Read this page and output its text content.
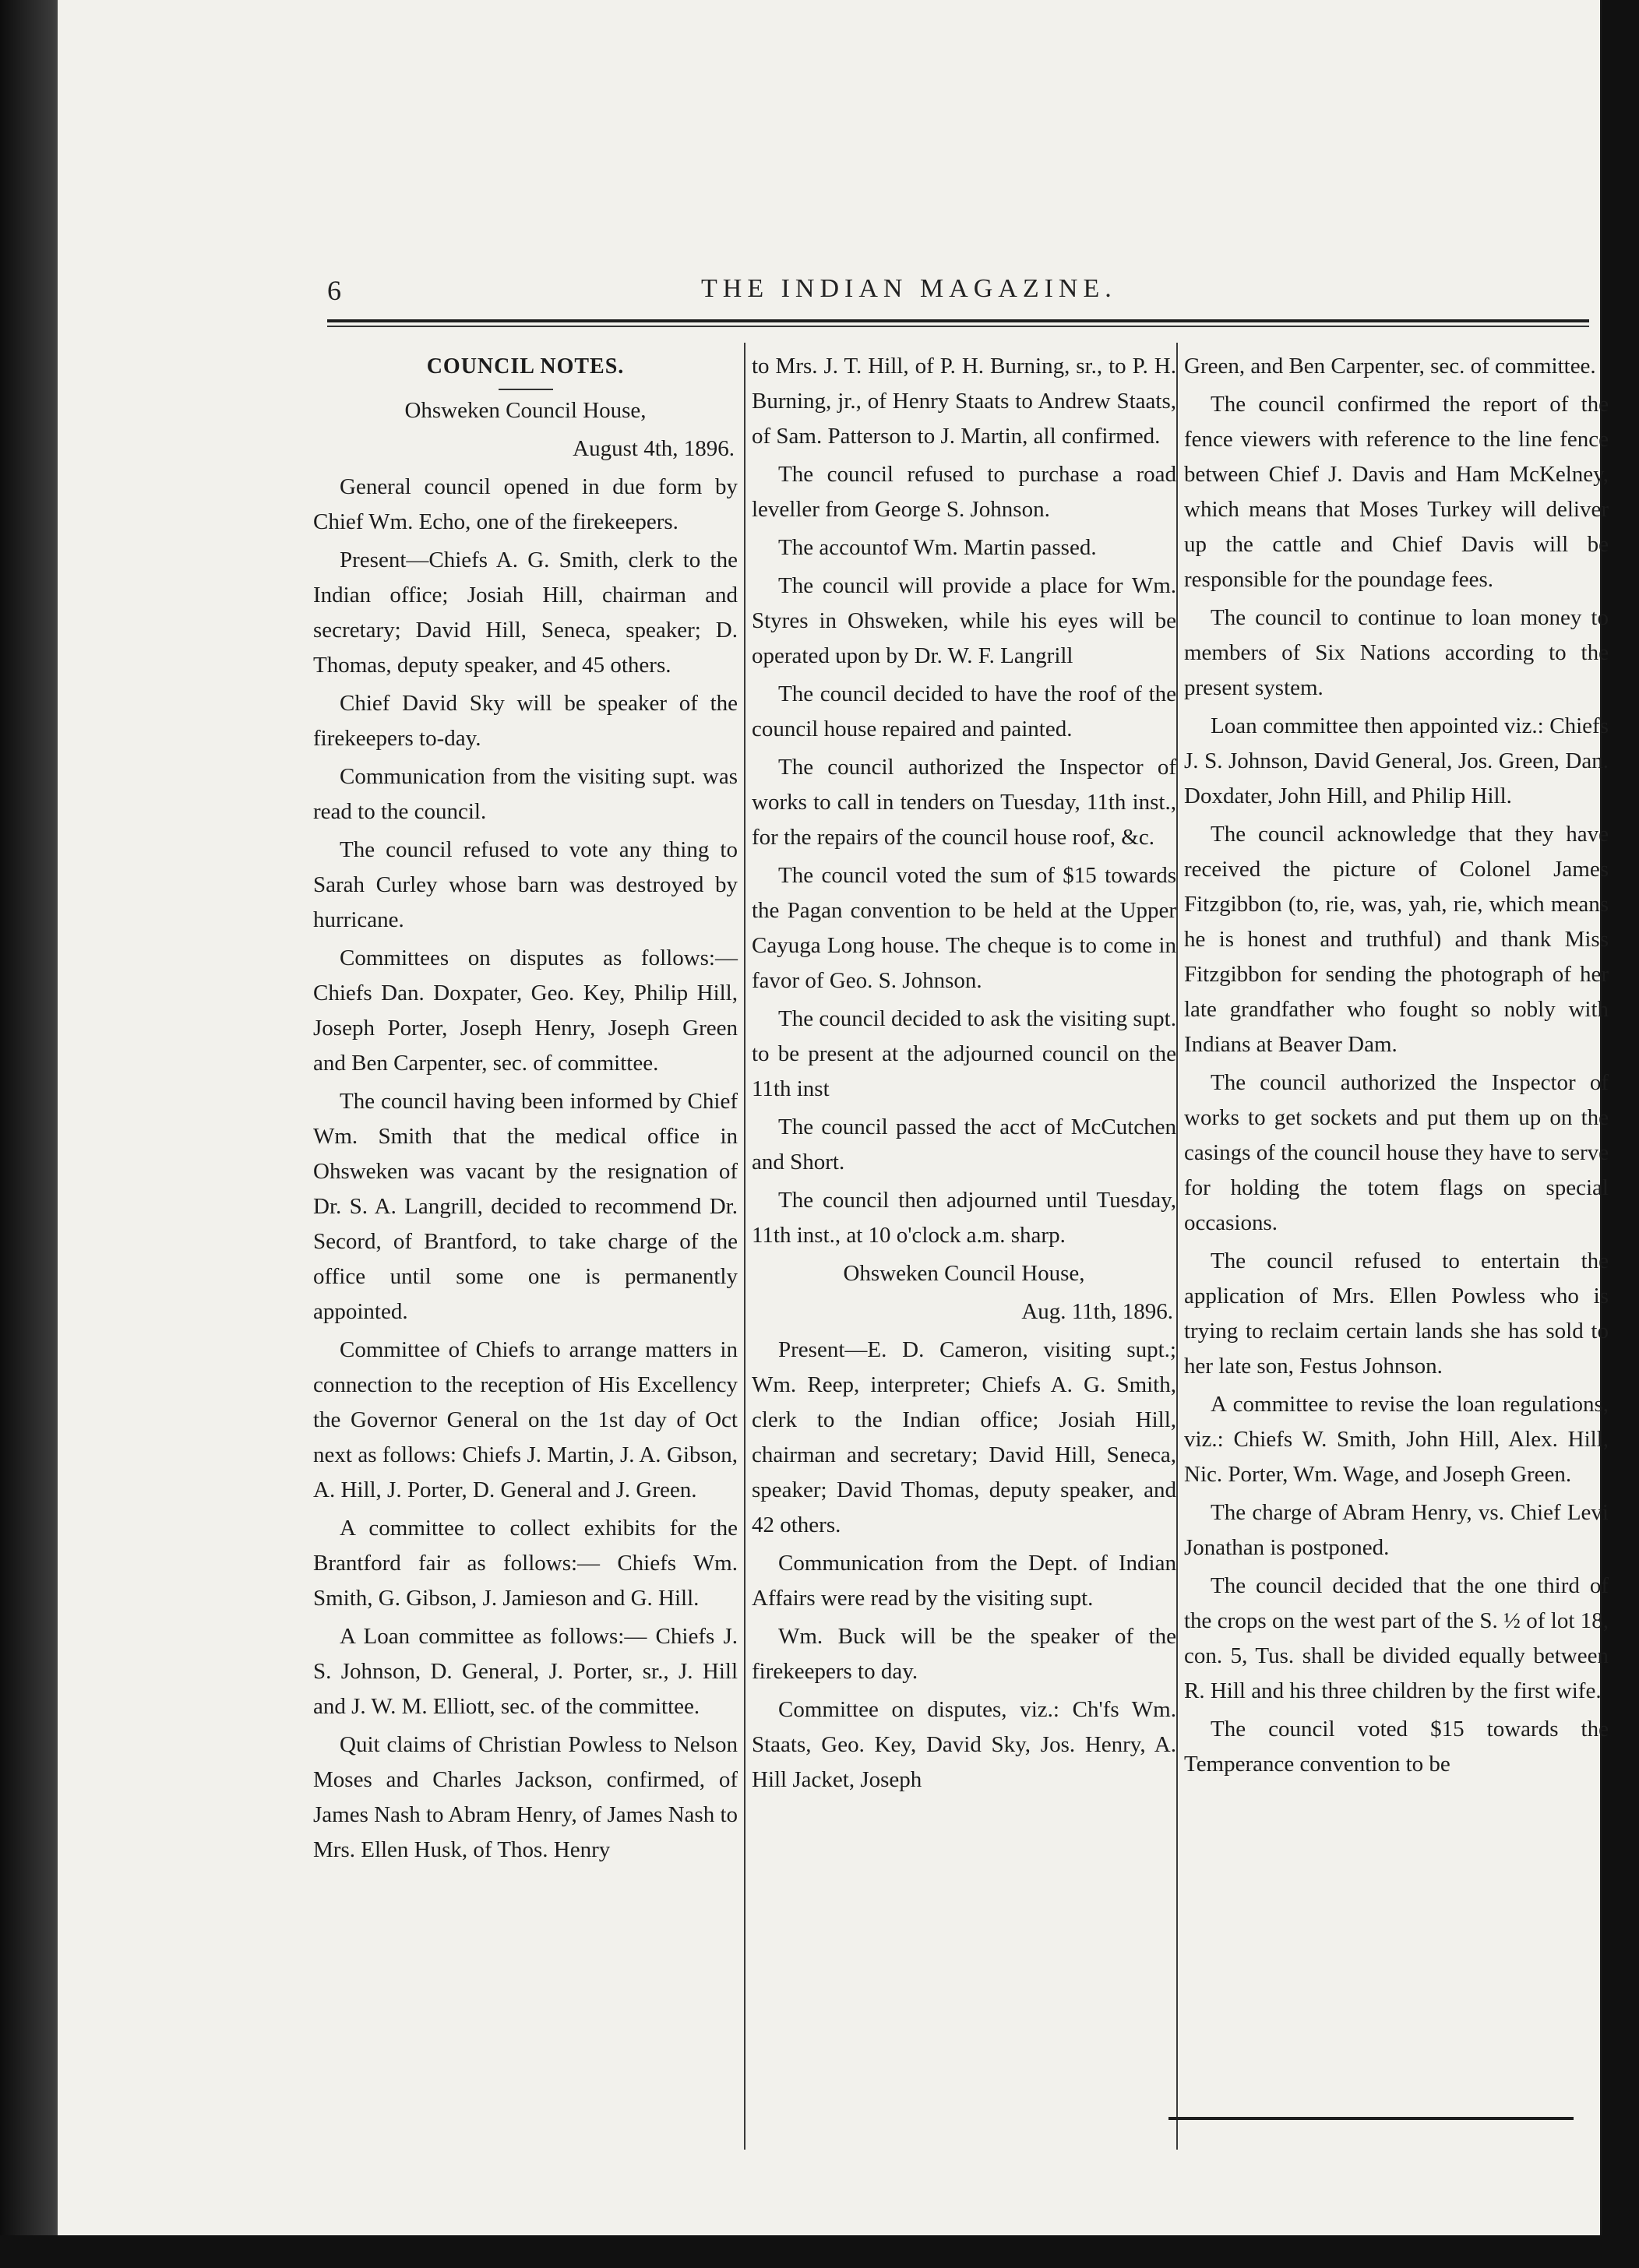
6	THE INDIAN MAGAZINE.

COUNCIL NOTES.

Ohsweken Council House,

August 4th, 1896.

General council opened in due form by Chief Wm. Echo, one of the firekeepers.

Present—Chiefs A. G. Smith, clerk to the Indian office; Josiah Hill, chairman and secretary; David Hill, Seneca, speaker; D. Thomas, deputy speaker, and 45 others.

Chief David Sky will be speaker of the firekeepers to-day.

Communication from the visiting supt. was read to the council.

The council refused to vote any thing to Sarah Curley whose barn was destroyed by hurricane.

Committees on disputes as follows:—Chiefs Dan. Doxpater, Geo. Key, Philip Hill, Joseph Porter, Joseph Henry, Joseph Green and Ben Carpenter, sec. of committee.

The council having been informed by Chief Wm. Smith that the medical office in Ohsweken was vacant by the resignation of Dr. S. A. Langrill, decided to recommend Dr. Secord, of Brantford, to take charge of the office until some one is permanently appointed.

Committee of Chiefs to arrange matters in connection to the reception of His Excellency the Governor General on the 1st day of Oct next as follows: Chiefs J. Martin, J. A. Gibson, A. Hill, J. Porter, D. General and J. Green.

A committee to collect exhibits for the Brantford fair as follows:— Chiefs Wm. Smith, G. Gibson, J. Jamieson and G. Hill.

A Loan committee as follows:— Chiefs J. S. Johnson, D. General, J. Porter, sr., J. Hill and J. W. M. Elliott, sec. of the committee.

Quit claims of Christian Powless to Nelson Moses and Charles Jackson, confirmed, of James Nash to Abram Henry, of James Nash to Mrs. Ellen Husk, of Thos. Henry

to Mrs. J. T. Hill, of P. H. Burning, sr., to P. H. Burning, jr., of Henry Staats to Andrew Staats, of Sam. Patterson to J. Martin, all confirmed.

The council refused to purchase a road leveller from George S. Johnson.

The accountof Wm. Martin passed.

The council will provide a place for Wm. Styres in Ohsweken, while his eyes will be operated upon by Dr. W. F. Langrill

The council decided to have the roof of the council house repaired and painted.

The council authorized the Inspector of works to call in tenders on Tuesday, 11th inst., for the repairs of the council house roof, &c.

The council voted the sum of $15 towards the Pagan convention to be held at the Upper Cayuga Long house. The cheque is to come in favor of Geo. S. Johnson.

The council decided to ask the visiting supt. to be present at the adjourned council on the 11th inst

The council passed the acct of McCutchen and Short.

The council then adjourned until Tuesday, 11th inst., at 10 o'clock a.m. sharp.

Ohsweken Council House,

Aug. 11th, 1896.

Present—E. D. Cameron, visiting supt.; Wm. Reep, interpreter; Chiefs A. G. Smith, clerk to the Indian office; Josiah Hill, chairman and secretary; David Hill, Seneca, speaker; David Thomas, deputy speaker, and 42 others.

Communication from the Dept. of Indian Affairs were read by the visiting supt.

Wm. Buck will be the speaker of the firekeepers to day.

Committee on disputes, viz.: Ch'fs Wm. Staats, Geo. Key, David Sky, Jos. Henry, A. Hill Jacket, Joseph

Green, and Ben Carpenter, sec. of committee.

The council confirmed the report of the fence viewers with reference to the line fence between Chief J. Davis and Ham McKelney, which means that Moses Turkey will deliver up the cattle and Chief Davis will be responsible for the poundage fees.

The council to continue to loan money to members of Six Nations according to the present system.

Loan committee then appointed viz.: Chiefs J. S. Johnson, David General, Jos. Green, Dan. Doxdater, John Hill, and Philip Hill.

The council acknowledge that they have received the picture of Colonel James Fitzgibbon (to, rie, was, yah, rie, which means he is honest and truthful) and thank Miss Fitzgibbon for sending the photograph of her late grandfather who fought so nobly with Indians at Beaver Dam.

The council authorized the Inspector of works to get sockets and put them up on the casings of the council house they have to serve for holding the totem flags on special occasions.

The council refused to entertain the application of Mrs. Ellen Powless who is trying to reclaim certain lands she has sold to her late son, Festus Johnson.

A committee to revise the loan regulations, viz.: Chiefs W. Smith, John Hill, Alex. Hill, Nic. Porter, Wm. Wage, and Joseph Green.

The charge of Abram Henry, vs. Chief Levi Jonathan is postponed.

The council decided that the one third of the crops on the west part of the S. ½ of lot 18, con. 5, Tus. shall be divided equally between R. Hill and his three children by the first wife.

The council voted $15 towards the Temperance convention to be
